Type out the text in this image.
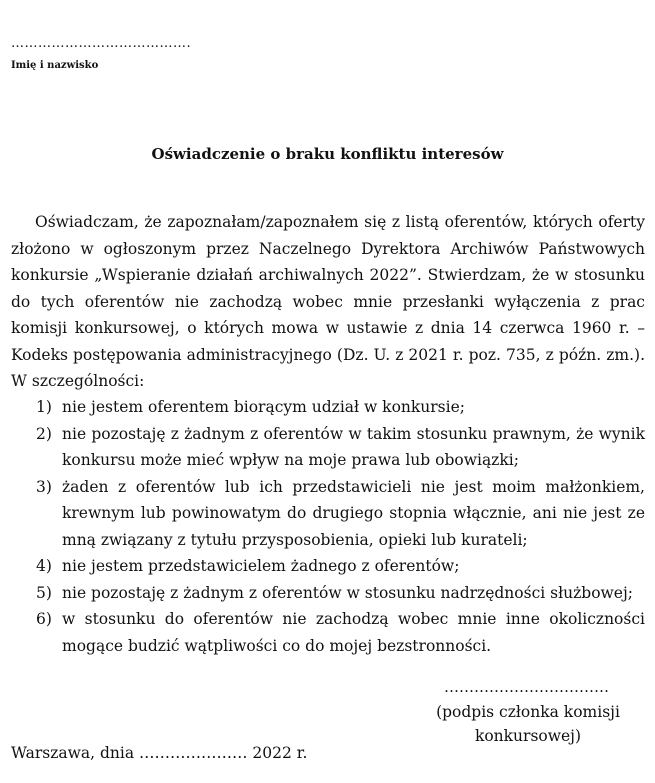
………………………………….
Imię i nazwisko
Oświadczenie o braku konfliktu interesów

Oświadczam, że zapoznałam/zapoznałem się z listą oferentów, których oferty złożono w ogłoszonym przez Naczelnego Dyrektora Archiwów Państwowych konkursie „Wspieranie działań archiwalnych 2022”. Stwierdzam, że w stosunku do tych oferentów nie zachodzą wobec mnie przesłanki wyłączenia z prac komisji konkursowej, o których mowa w ustawie z dnia 14 czerwca 1960 r. – Kodeks postępowania administracyjnego (Dz. U. z 2021 r. poz. 735, z późn. zm.). W szczególności:

1) nie jestem oferentem biorącym udział w konkursie;
2) nie pozostaję z żadnym z oferentów w takim stosunku prawnym, że wynik konkursu może mieć wpływ na moje prawa lub obowiązki;
3) żaden z oferentów lub ich przedstawicieli nie jest moim małżonkiem, krewnym lub powinowatym do drugiego stopnia włącznie, ani nie jest ze mną związany z tytułu przysposobienia, opieki lub kurateli;
4) nie jestem przedstawicielem żadnego z oferentów;
5) nie pozostaję z żadnym z oferentów w stosunku nadrzędności służbowej;
6) w stosunku do oferentów nie zachodzą wobec mnie inne okoliczności mogące budzić wątpliwości co do mojej bezstronności.
……………………………
(podpis członka komisji konkursowej)
Warszawa, dnia ………………… 2022 r.
